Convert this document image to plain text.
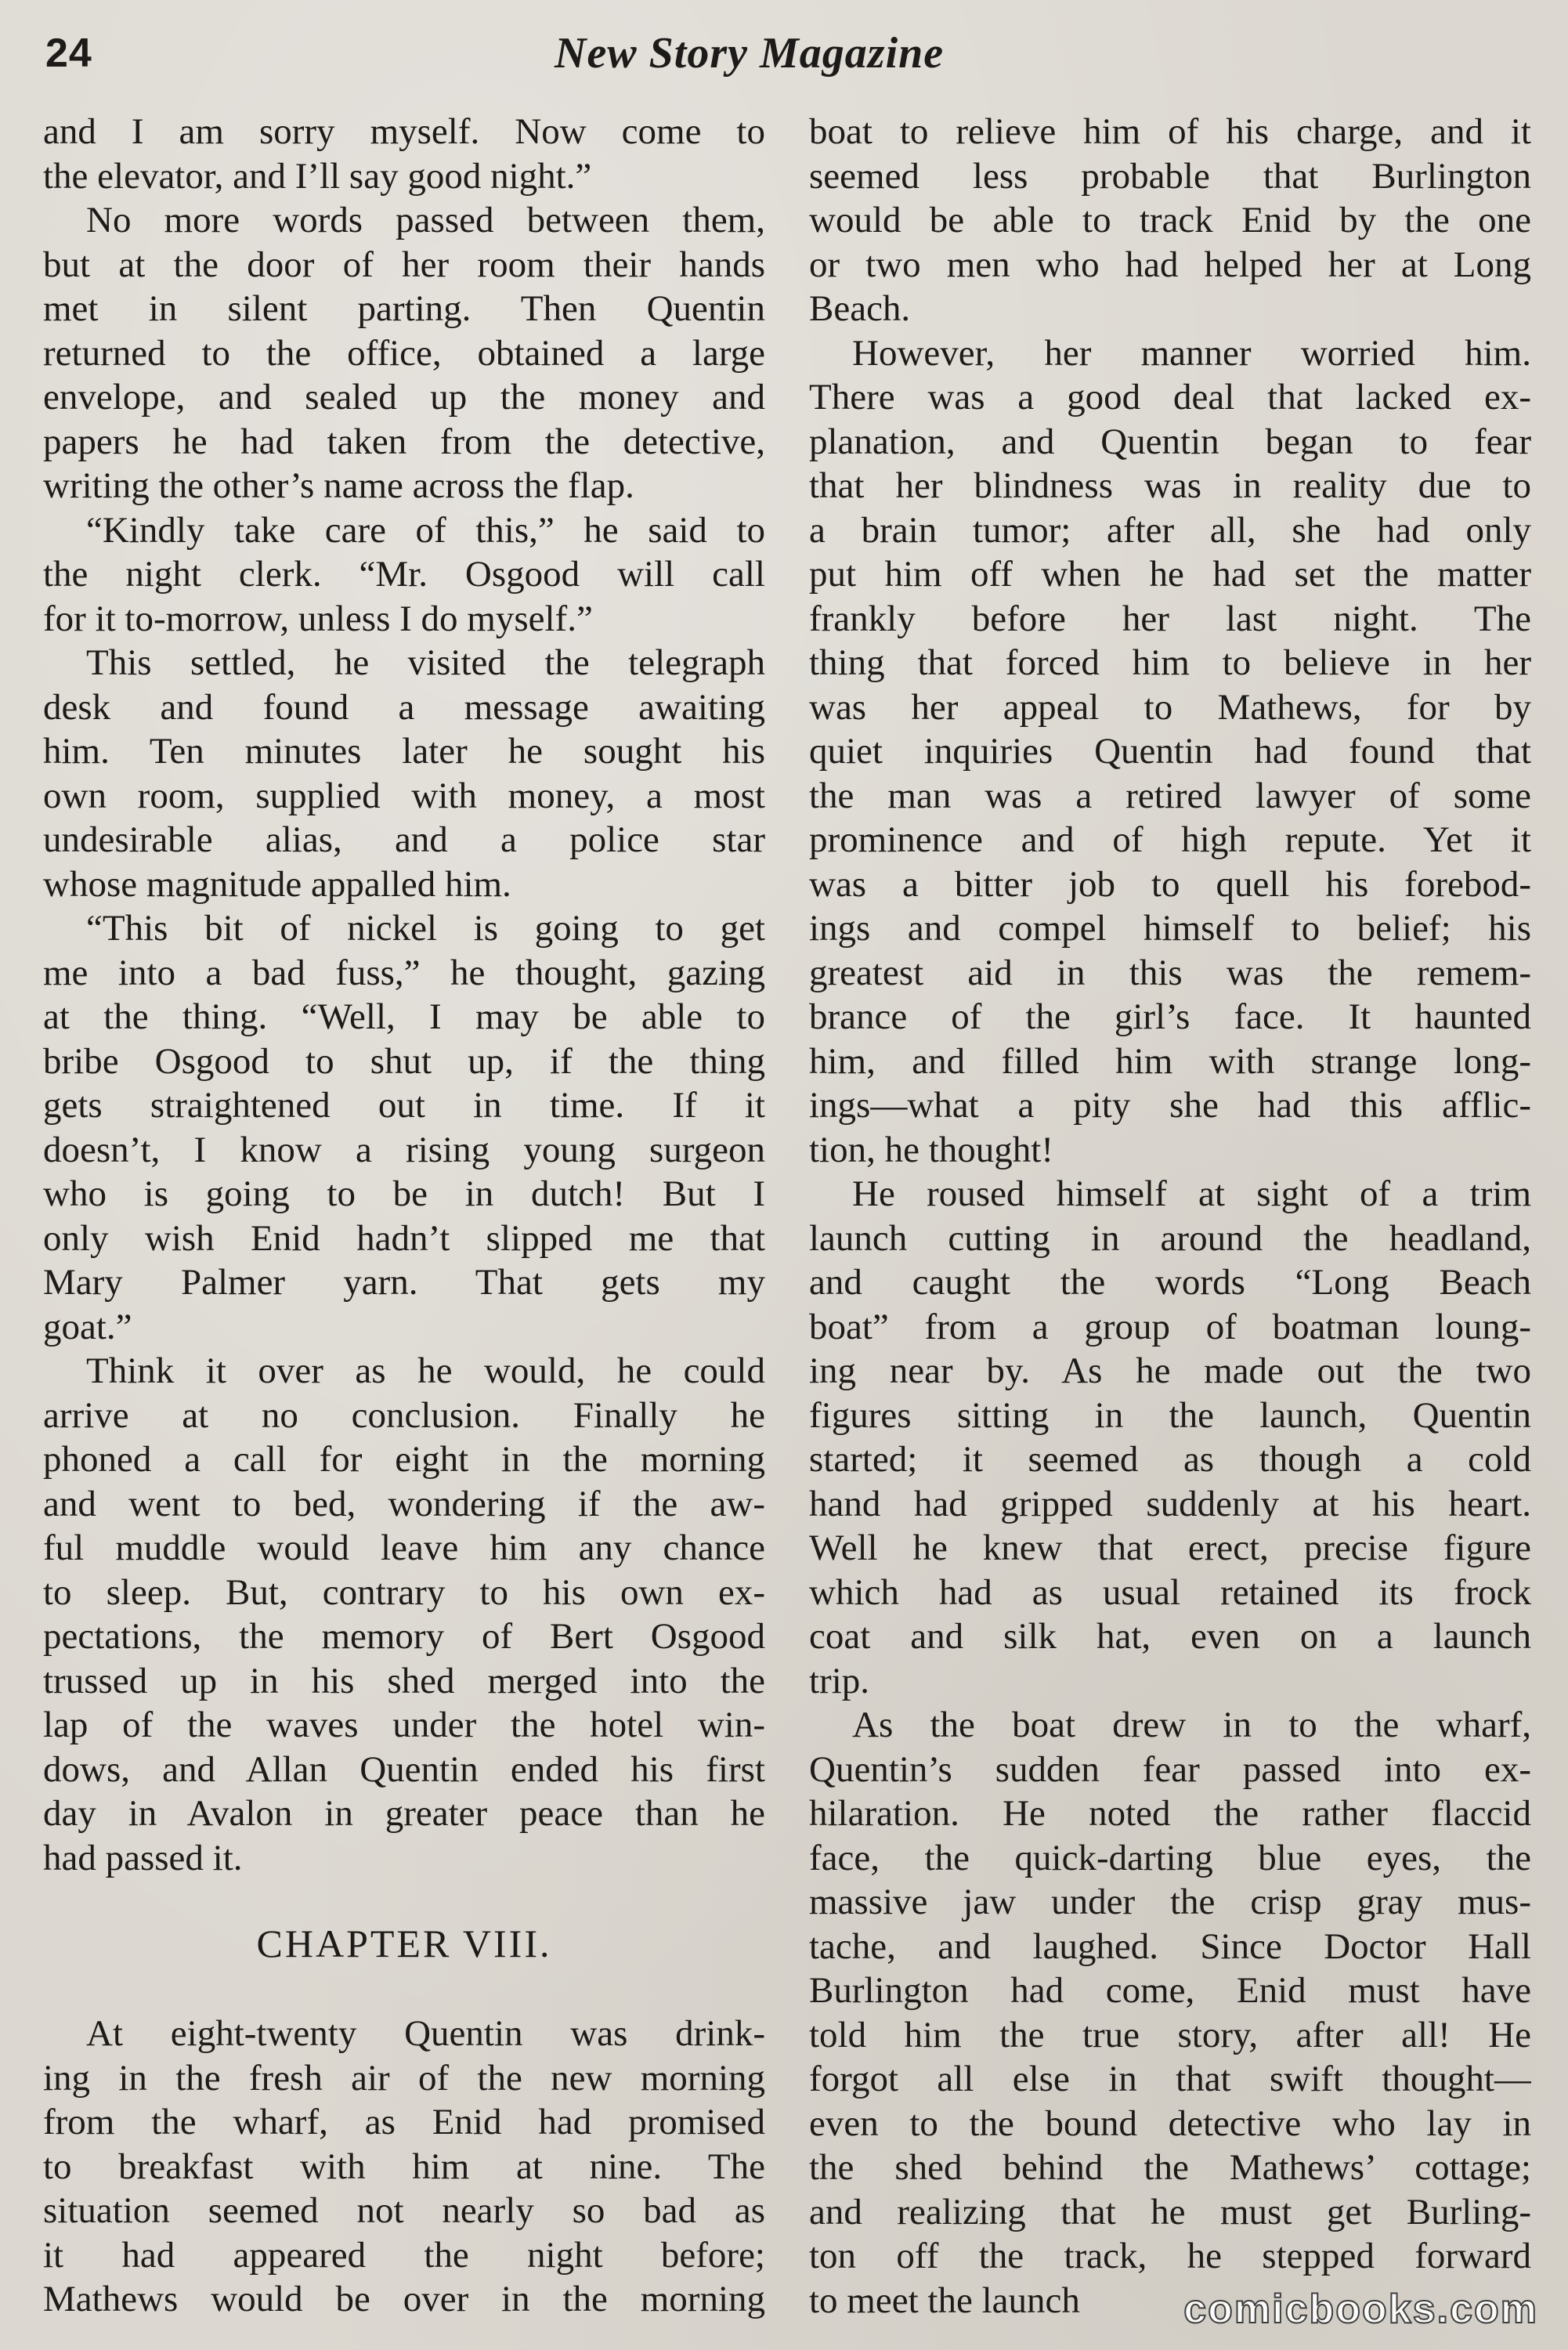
24	New Story Magazine
and I am sorry myself. Now come to
the elevator, and I’ll say good night.”
No more words passed between them,
but at the door of her room their hands
met in silent parting. Then Quentin
returned to the office, obtained a large
envelope, and sealed up the money and
papers he had taken from the detective,
writing the other’s name across the flap.
“Kindly take care of this,” he said to
the night clerk. “Mr. Osgood will call
for it to-morrow, unless I do myself.”
This settled, he visited the telegraph
desk and found a message awaiting
him. Ten minutes later he sought his
own room, supplied with money, a most
undesirable alias, and a police star
whose magnitude appalled him.
“This bit of nickel is going to get
me into a bad fuss,” he thought, gazing
at the thing. “Well, I may be able to
bribe Osgood to shut up, if the thing
gets straightened out in time. If it
doesn’t, I know a rising young surgeon
who is going to be in dutch! But I
only wish Enid hadn’t slipped me that
Mary Palmer yarn. That gets my
goat.”
Think it over as he would, he could
arrive at no conclusion. Finally he
phoned a call for eight in the morning
and went to bed, wondering if the aw-
ful muddle would leave him any chance
to sleep. But, contrary to his own ex-
pectations, the memory of Bert Osgood
trussed up in his shed merged into the
lap of the waves under the hotel win-
dows, and Allan Quentin ended his first
day in Avalon in greater peace than he
had passed it.
CHAPTER VIII.
At eight-twenty Quentin was drink-
ing in the fresh air of the new morning
from the wharf, as Enid had promised
to breakfast with him at nine. The
situation seemed not nearly so bad as
it had appeared the night before;
Mathews would be over in the morning
boat to relieve him of his charge, and it
seemed less probable that Burlington
would be able to track Enid by the one
or two men who had helped her at Long
Beach.
However, her manner worried him.
There was a good deal that lacked ex-
planation, and Quentin began to fear
that her blindness was in reality due to
a brain tumor; after all, she had only
put him off when he had set the matter
frankly before her last night. The
thing that forced him to believe in her
was her appeal to Mathews, for by
quiet inquiries Quentin had found that
the man was a retired lawyer of some
prominence and of high repute. Yet it
was a bitter job to quell his forebod-
ings and compel himself to belief; his
greatest aid in this was the remem-
brance of the girl’s face. It haunted
him, and filled him with strange long-
ings—what a pity she had this afflic-
tion, he thought!
He roused himself at sight of a trim
launch cutting in around the headland,
and caught the words “Long Beach
boat” from a group of boatman loung-
ing near by. As he made out the two
figures sitting in the launch, Quentin
started; it seemed as though a cold
hand had gripped suddenly at his heart.
Well he knew that erect, precise figure
which had as usual retained its frock
coat and silk hat, even on a launch
trip.
As the boat drew in to the wharf,
Quentin’s sudden fear passed into ex-
hilaration. He noted the rather flaccid
face, the quick-darting blue eyes, the
massive jaw under the crisp gray mus-
tache, and laughed. Since Doctor Hall
Burlington had come, Enid must have
told him the true story, after all! He
forgot all else in that swift thought—
even to the bound detective who lay in
the shed behind the Mathews’ cottage;
and realizing that he must get Burling-
ton off the track, he stepped forward
to meet the launch	comicbooks.com
